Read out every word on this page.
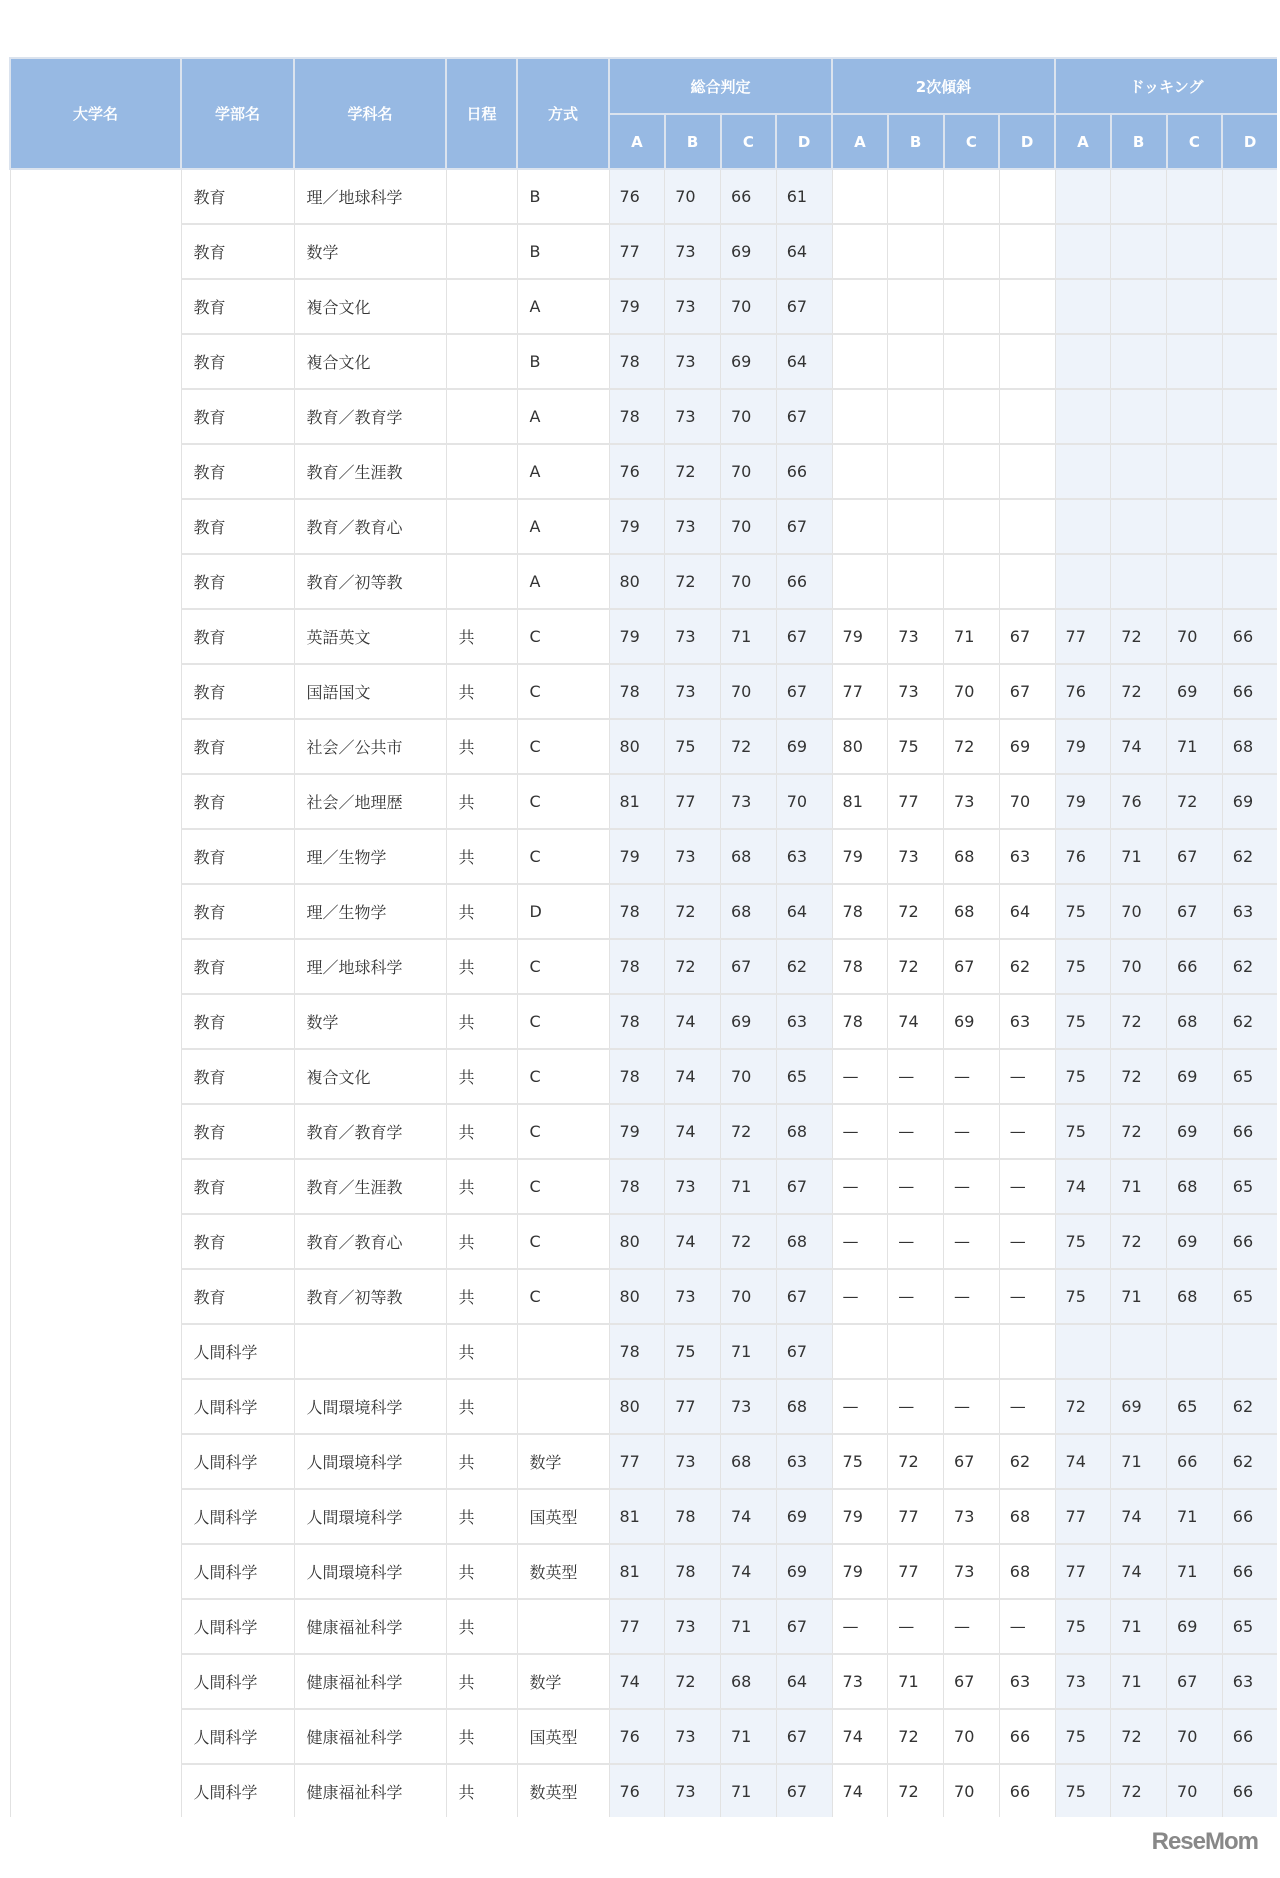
大学名	学部名	学科名	日程	方式	総合判定				2次傾斜				ドッキング			
					A	B	C	D	A	B	C	D	A	B	C	D
	教育	理／地球科学		B	76	70	66	61								
	教育	数学		B	77	73	69	64								
	教育	複合文化		A	79	73	70	67								
	教育	複合文化		B	78	73	69	64								
	教育	教育／教育学		A	78	73	70	67								
	教育	教育／生涯教		A	76	72	70	66								
	教育	教育／教育心		A	79	73	70	67								
	教育	教育／初等教		A	80	72	70	66								
	教育	英語英文	共	C	79	73	71	67	79	73	71	67	77	72	70	66
	教育	国語国文	共	C	78	73	70	67	77	73	70	67	76	72	69	66
	教育	社会／公共市	共	C	80	75	72	69	80	75	72	69	79	74	71	68
	教育	社会／地理歴	共	C	81	77	73	70	81	77	73	70	79	76	72	69
	教育	理／生物学	共	C	79	73	68	63	79	73	68	63	76	71	67	62
	教育	理／生物学	共	D	78	72	68	64	78	72	68	64	75	70	67	63
	教育	理／地球科学	共	C	78	72	67	62	78	72	67	62	75	70	66	62
	教育	数学	共	C	78	74	69	63	78	74	69	63	75	72	68	62
	教育	複合文化	共	C	78	74	70	65	—	—	—	—	75	72	69	65
	教育	教育／教育学	共	C	79	74	72	68	—	—	—	—	75	72	69	66
	教育	教育／生涯教	共	C	78	73	71	67	—	—	—	—	74	71	68	65
	教育	教育／教育心	共	C	80	74	72	68	—	—	—	—	75	72	69	66
	教育	教育／初等教	共	C	80	73	70	67	—	—	—	—	75	71	68	65
	人間科学		共		78	75	71	67								
	人間科学	人間環境科学	共		80	77	73	68	—	—	—	—	72	69	65	62
	人間科学	人間環境科学	共	数学	77	73	68	63	75	72	67	62	74	71	66	62
	人間科学	人間環境科学	共	国英型	81	78	74	69	79	77	73	68	77	74	71	66
	人間科学	人間環境科学	共	数英型	81	78	74	69	79	77	73	68	77	74	71	66
	人間科学	健康福祉科学	共		77	73	71	67	—	—	—	—	75	71	69	65
	人間科学	健康福祉科学	共	数学	74	72	68	64	73	71	67	63	73	71	67	63
	人間科学	健康福祉科学	共	国英型	76	73	71	67	74	72	70	66	75	72	70	66
	人間科学	健康福祉科学	共	数英型	76	73	71	67	74	72	70	66	75	72	70	66

ReseMom
